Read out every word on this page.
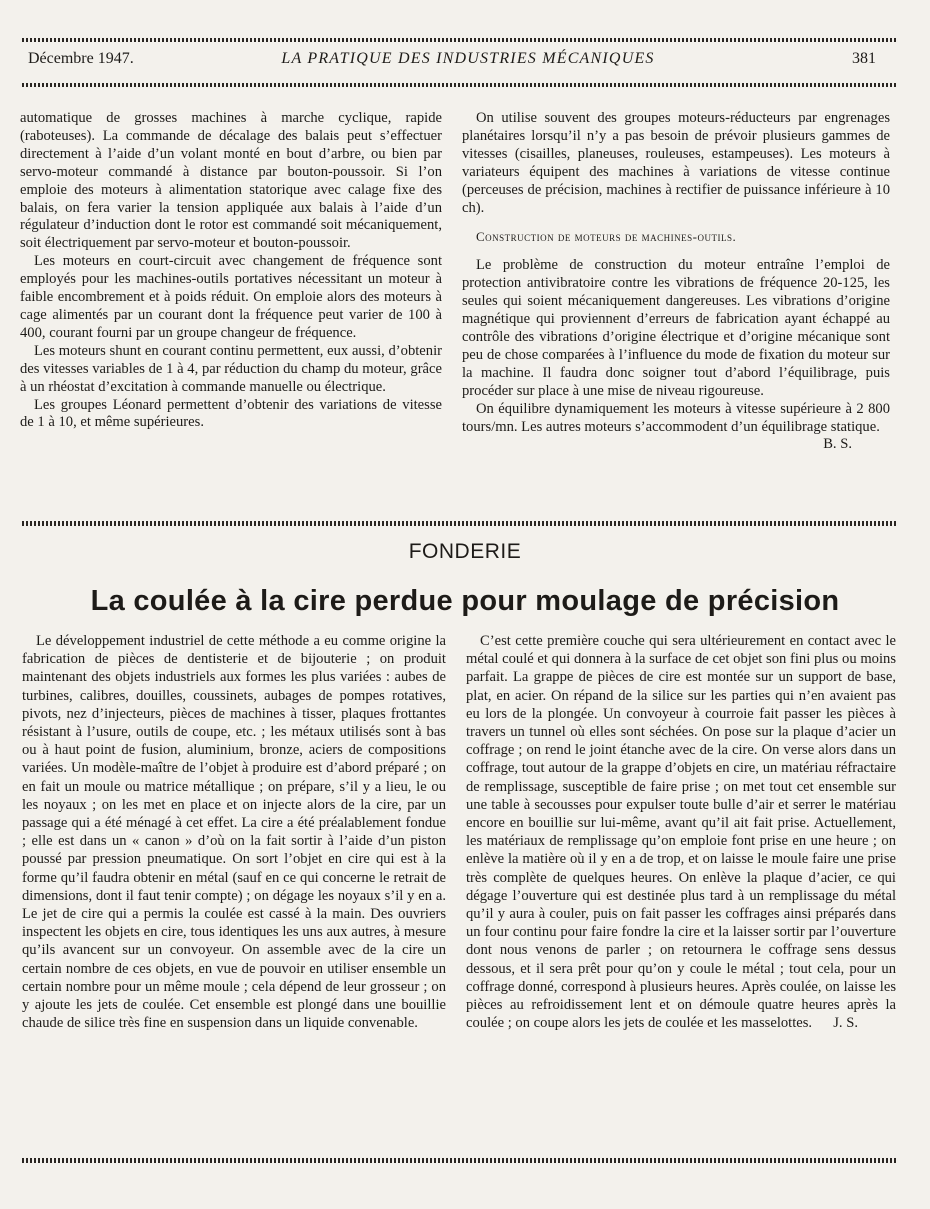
Décembre 1947.	LA PRATIQUE DES INDUSTRIES MÉCANIQUES	381

automatique de grosses machines à marche cyclique, rapide (raboteuses). La commande de décalage des balais peut s’effectuer directement à l’aide d’un volant monté en bout d’arbre, ou bien par servo-moteur commandé à distance par bouton-poussoir. Si l’on emploie des moteurs à alimentation statorique avec calage fixe des balais, on fera varier la tension appliquée aux balais à l’aide d’un régulateur d’induction dont le rotor est commandé soit mécaniquement, soit électriquement par servo-moteur et bouton-poussoir.

Les moteurs en court-circuit avec changement de fréquence sont employés pour les machines-outils portatives nécessitant un moteur à faible encombrement et à poids réduit. On emploie alors des moteurs à cage alimentés par un courant dont la fréquence peut varier de 100 à 400, courant fourni par un groupe changeur de fréquence.

Les moteurs shunt en courant continu permettent, eux aussi, d’obtenir des vitesses variables de 1 à 4, par réduction du champ du moteur, grâce à un rhéostat d’excitation à commande manuelle ou électrique.

Les groupes Léonard permettent d’obtenir des variations de vitesse de 1 à 10, et même supérieures.

On utilise souvent des groupes moteurs-réducteurs par engrenages planétaires lorsqu’il n’y a pas besoin de prévoir plusieurs gammes de vitesses (cisailles, planeuses, rouleuses, estampeuses). Les moteurs à variateurs équipent des machines à variations de vitesse continue (perceuses de précision, machines à rectifier de puissance inférieure à 10 ch).

Construction de moteurs de machines-outils.

Le problème de construction du moteur entraîne l’emploi de protection antivibratoire contre les vibrations de fréquence 20-125, les seules qui soient mécaniquement dangereuses. Les vibrations d’origine magnétique qui proviennent d’erreurs de fabrication ayant échappé au contrôle des vibrations d’origine électrique et d’origine mécanique sont peu de chose comparées à l’influence du mode de fixation du moteur sur la machine. Il faudra donc soigner tout d’abord l’équilibrage, puis procéder sur place à une mise de niveau rigoureuse.

On équilibre dynamiquement les moteurs à vitesse supérieure à 2 800 tours/mn. Les autres moteurs s’accommodent d’un équilibrage statique.
B. S.

FONDERIE
La coulée à la cire perdue pour moulage de précision

Le développement industriel de cette méthode a eu comme origine la fabrication de pièces de dentisterie et de bijouterie ; on produit maintenant des objets industriels aux formes les plus variées : aubes de turbines, calibres, douilles, coussinets, aubages de pompes rotatives, pivots, nez d’injecteurs, pièces de machines à tisser, plaques frottantes résistant à l’usure, outils de coupe, etc. ; les métaux utilisés sont à bas ou à haut point de fusion, aluminium, bronze, aciers de compositions variées. Un modèle-maître de l’objet à produire est d’abord préparé ; on en fait un moule ou matrice métallique ; on prépare, s’il y a lieu, le ou les noyaux ; on les met en place et on injecte alors de la cire, par un passage qui a été ménagé à cet effet. La cire a été préalablement fondue ; elle est dans un « canon » d’où on la fait sortir à l’aide d’un piston poussé par pression pneumatique. On sort l’objet en cire qui est à la forme qu’il faudra obtenir en métal (sauf en ce qui concerne le retrait de dimensions, dont il faut tenir compte) ; on dégage les noyaux s’il y en a. Le jet de cire qui a permis la coulée est cassé à la main. Des ouvriers inspectent les objets en cire, tous identiques les uns aux autres, à mesure qu’ils avancent sur un convoyeur. On assemble avec de la cire un certain nombre de ces objets, en vue de pouvoir en utiliser ensemble un certain nombre pour un même moule ; cela dépend de leur grosseur ; on y ajoute les jets de coulée. Cet ensemble est plongé dans une bouillie chaude de silice très fine en suspension dans un liquide convenable.

C’est cette première couche qui sera ultérieurement en contact avec le métal coulé et qui donnera à la surface de cet objet son fini plus ou moins parfait. La grappe de pièces de cire est montée sur un support de base, plat, en acier. On répand de la silice sur les parties qui n’en avaient pas eu lors de la plongée. Un convoyeur à courroie fait passer les pièces à travers un tunnel où elles sont séchées. On pose sur la plaque d’acier un coffrage ; on rend le joint étanche avec de la cire. On verse alors dans un coffrage, tout autour de la grappe d’objets en cire, un matériau réfractaire de remplissage, susceptible de faire prise ; on met tout cet ensemble sur une table à secousses pour expulser toute bulle d’air et serrer le matériau encore en bouillie sur lui-même, avant qu’il ait fait prise. Actuellement, les matériaux de remplissage qu’on emploie font prise en une heure ; on enlève la matière où il y en a de trop, et on laisse le moule faire une prise très complète de quelques heures. On enlève la plaque d’acier, ce qui dégage l’ouverture qui est destinée plus tard à un remplissage du métal qu’il y aura à couler, puis on fait passer les coffrages ainsi préparés dans un four continu pour faire fondre la cire et la laisser sortir par l’ouverture dont nous venons de parler ; on retournera le coffrage sens dessus dessous, et il sera prêt pour qu’on y coule le métal ; tout cela, pour un coffrage donné, correspond à plusieurs heures. Après coulée, on laisse les pièces au refroidissement lent et on démoule quatre heures après la coulée ; on coupe alors les jets de coulée et les masselottes.	J. S.
